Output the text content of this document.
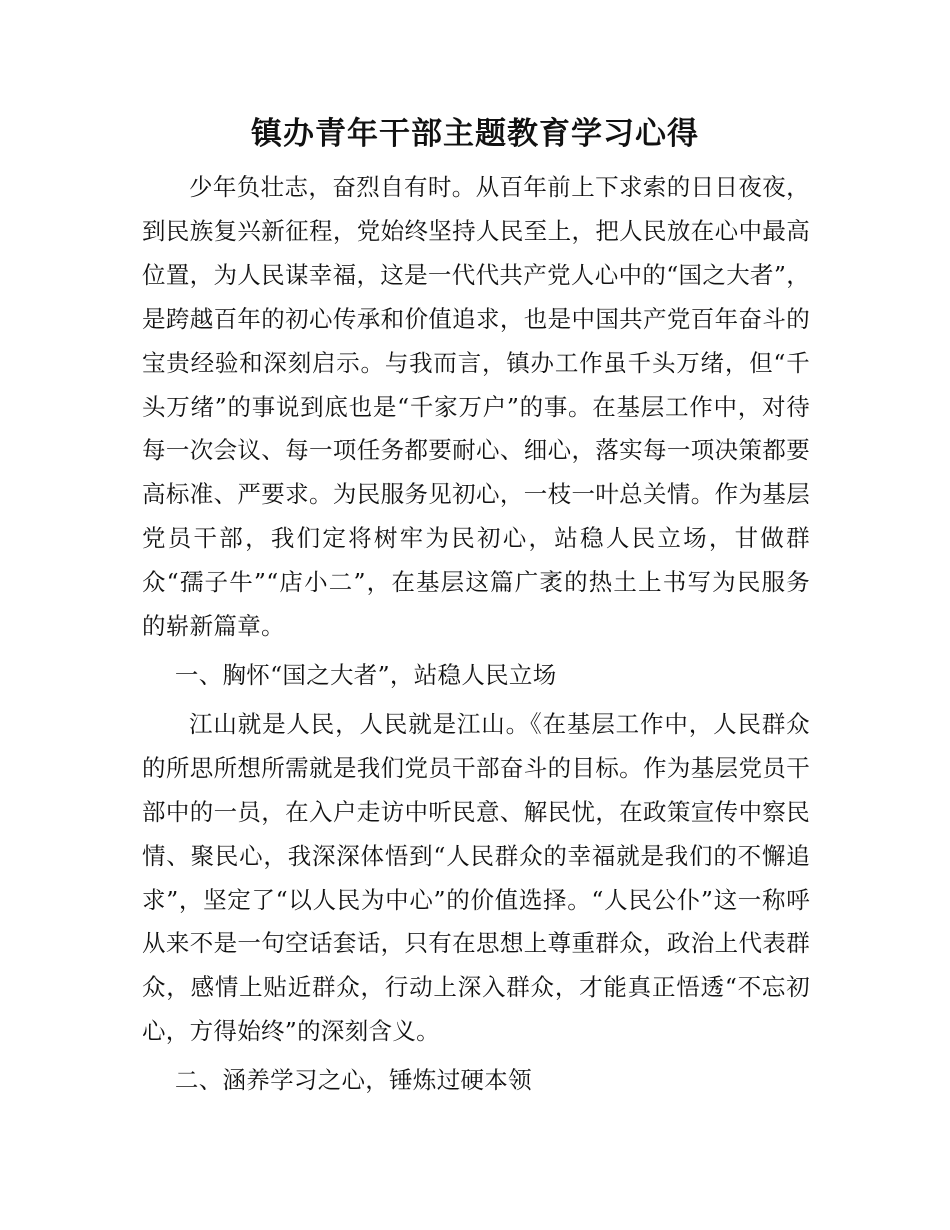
镇办青年干部主题教育学习心得

少年负壮志，奋烈自有时。从百年前上下求索的日日夜夜，到民族复兴新征程，党始终坚持人民至上，把人民放在心中最高位置，为人民谋幸福，这是一代代共产党人心中的“国之大者”，是跨越百年的初心传承和价值追求，也是中国共产党百年奋斗的宝贵经验和深刻启示。与我而言，镇办工作虽千头万绪，但“千头万绪”的事说到底也是“千家万户”的事。在基层工作中，对待每一次会议、每一项任务都要耐心、细心，落实每一项决策都要高标准、严要求。为民服务见初心，一枝一叶总关情。作为基层党员干部，我们定将树牢为民初心，站稳人民立场，甘做群众“孺子牛”“店小二”，在基层这篇广袤的热土上书写为民服务的崭新篇章。

一、胸怀“国之大者”，站稳人民立场

江山就是人民，人民就是江山。《在基层工作中，人民群众的所思所想所需就是我们党员干部奋斗的目标。作为基层党员干部中的一员，在入户走访中听民意、解民忧，在政策宣传中察民情、聚民心，我深深体悟到“人民群众的幸福就是我们的不懈追求”，坚定了“以人民为中心”的价值选择。“人民公仆”这一称呼从来不是一句空话套话，只有在思想上尊重群众，政治上代表群众，感情上贴近群众，行动上深入群众，才能真正悟透“不忘初心，方得始终”的深刻含义。

二、涵养学习之心，锤炼过硬本领
